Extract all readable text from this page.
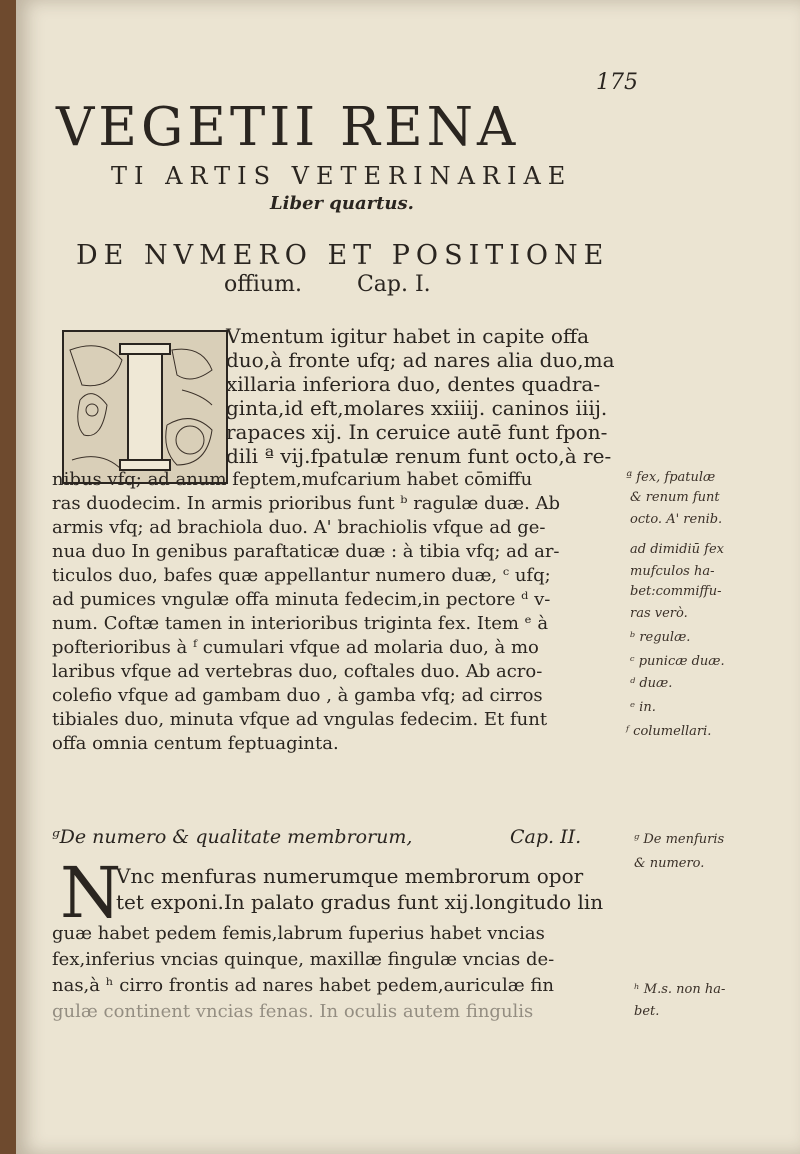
175
VEGETII RENA
TI ARTIS VETERINARIAE
Liber quartus.
DE NVMERO ET POSITIONE
offium.	Cap. I.
Vmentum igitur habet in capite offa
duo,à fronte ufq; ad nares alia duo,ma
xillaria inferiora duo, dentes quadra-
ginta,id eft,molares xxiiij. caninos iiij.
rapaces xij. In ceruice autē funt fpon-
dili ª vij.fpatulæ renum funt octo,à re-
nibus vfq; ad anum feptem,mufcarium habet cōmiffu
ras duodecim. In armis prioribus funt ᵇ ragulæ duæ. Ab
armis vfq; ad brachiola duo. A' brachiolis vfque ad ge-
nua duo In genibus paraftaticæ duæ : à tibia vfq; ad ar-
ticulos duo, bafes quæ appellantur numero duæ, ᶜ ufq;
ad pumices vngulæ offa minuta fedecim,in pectore ᵈ v-
num. Coftæ tamen in interioribus triginta fex. Item ᵉ à
pofterioribus à ᶠ cumulari vfque ad molaria duo, à mo
laribus vfque ad vertebras duo, coftales duo. Ab acro-
colefio vfque ad gambam duo , à gamba vfq; ad cirros
tibiales duo, minuta vfque ad vngulas fedecim. Et funt
offa omnia centum feptuaginta.
ª fex, fpatulæ
& renum funt
octo. A' renib.
ad dimidiū fex
mufculos ha-
bet:commiffu-
ras verò.
ᵇ regulæ.
ᶜ punicæ duæ.
ᵈ duæ.
ᵉ in.
ᶠ columellari.
ᵍDe numero & qualitate membrorum,	Cap. II.
N
Vnc menfuras numerumque membrorum opor
tet exponi.In palato gradus funt xij.longitudo lin
guæ habet pedem femis,labrum fuperius habet vncias
fex,inferius vncias quinque, maxillæ fingulæ vncias de-
nas,à ʰ cirro frontis ad nares habet pedem,auriculæ fin
gulæ continent vncias fenas. In oculis autem fingulis
ᵍ De menfuris
& numero.
ʰ M.s. non ha-
bet.
